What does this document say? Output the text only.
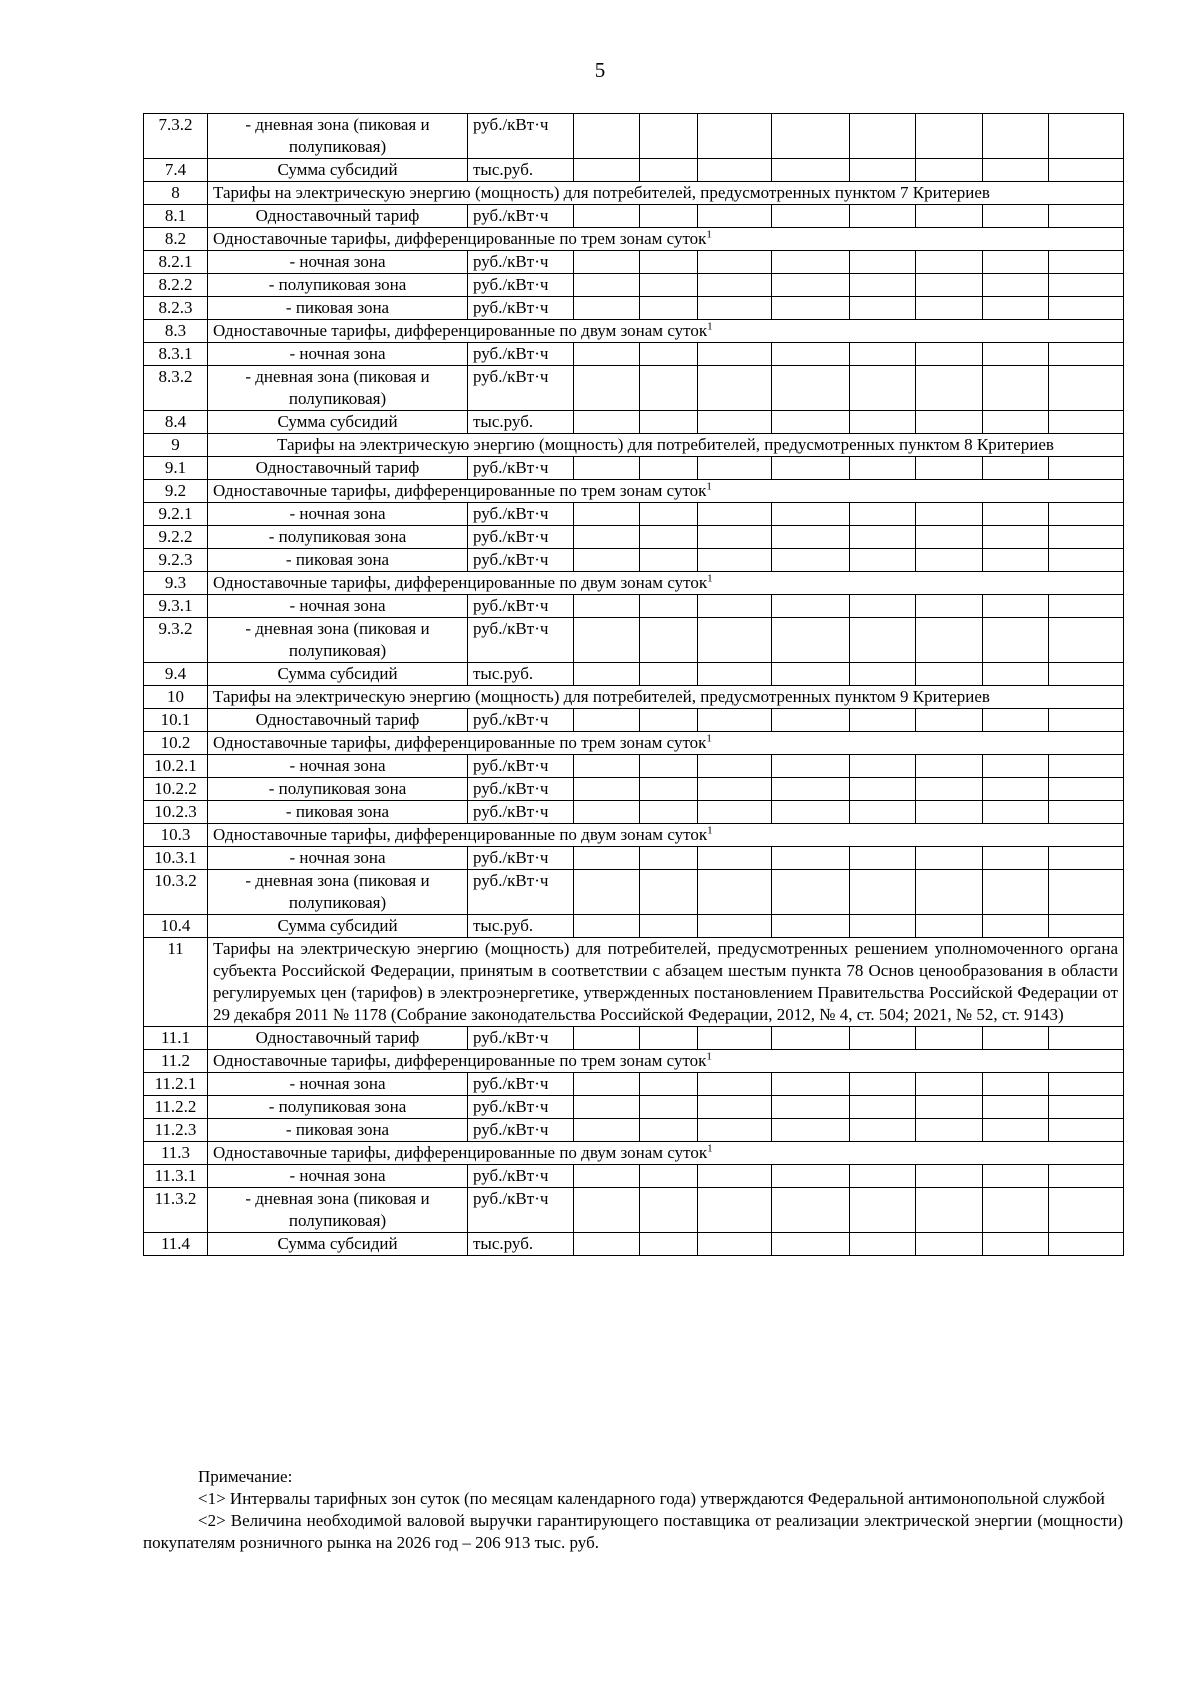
5
7.3.2	- дневная зона (пиковая и полупиковая)	руб./кВт·ч								
7.4	Сумма субсидий	тыс.руб.								
8	Тарифы на электрическую энергию (мощность) для потребителей, предусмотренных пунктом 7 Критериев									
8.1	Одноставочный тариф	руб./кВт·ч								
8.2	Одноставочные тарифы, дифференцированные по трем зонам суток$^1$
8.2.1	- ночная зона	руб./кВт·ч								
8.2.2	- полупиковая зона	руб./кВт·ч								
8.2.3	- пиковая зона	руб./кВт·ч								
8.3	Одноставочные тарифы, дифференцированные по двум зонам суток$^1$
8.3.1	- ночная зона	руб./кВт·ч								
8.3.2	- дневная зона (пиковая и полупиковая)	руб./кВт·ч								
8.4	Сумма субсидий	тыс.руб.								
9	Тарифы на электрическую энергию (мощность) для потребителей, предусмотренных пунктом 8 Критериев									
9.1	Одноставочный тариф	руб./кВт·ч								
9.2	Одноставочные тарифы, дифференцированные по трем зонам суток$^1$
9.2.1	- ночная зона	руб./кВт·ч								
9.2.2	- полупиковая зона	руб./кВт·ч								
9.2.3	- пиковая зона	руб./кВт·ч								
9.3	Одноставочные тарифы, дифференцированные по двум зонам суток$^1$
9.3.1	- ночная зона	руб./кВт·ч								
9.3.2	- дневная зона (пиковая и полупиковая)	руб./кВт·ч								
9.4	Сумма субсидий	тыс.руб.								
10	Тарифы на электрическую энергию (мощность) для потребителей, предусмотренных пунктом 9 Критериев									
10.1	Одноставочный тариф	руб./кВт·ч								
10.2	Одноставочные тарифы, дифференцированные по трем зонам суток$^1$
10.2.1	- ночная зона	руб./кВт·ч								
10.2.2	- полупиковая зона	руб./кВт·ч								
10.2.3	- пиковая зона	руб./кВт·ч								
10.3	Одноставочные тарифы, дифференцированные по двум зонам суток$^1$
10.3.1	- ночная зона	руб./кВт·ч								
10.3.2	- дневная зона (пиковая и полупиковая)	руб./кВт·ч								
10.4	Сумма субсидий	тыс.руб.								
11	Тарифы на электрическую энергию (мощность) для потребителей, предусмотренных решением уполномоченного органа субъекта Российской Федерации, принятым в соответствии с абзацем шестым пункта 78 Основ ценообразования в области регулируемых цен (тарифов) в электроэнергетике, утвержденных постановлением Правительства Российской Федерации от 29 декабря 2011 № 1178 (Собрание законодательства Российской Федерации, 2012, № 4, ст. 504; 2021, № 52, ст. 9143)									
11.1	Одноставочный тариф	руб./кВт·ч								
11.2	Одноставочные тарифы, дифференцированные по трем зонам суток$^1$
11.2.1	- ночная зона	руб./кВт·ч								
11.2.2	- полупиковая зона	руб./кВт·ч								
11.2.3	- пиковая зона	руб./кВт·ч								
11.3	Одноставочные тарифы, дифференцированные по двум зонам суток$^1$
11.3.1	- ночная зона	руб./кВт·ч								
11.3.2	- дневная зона (пиковая и полупиковая)	руб./кВт·ч								
11.4	Сумма субсидий	тыс.руб.								

Примечание:

<1> Интервалы тарифных зон суток (по месяцам календарного года) утверждаются Федеральной антимонопольной службой

<2> Величина необходимой валовой выручки гарантирующего поставщика от реализации электрической энергии (мощности) покупателям розничного рынка на 2026 год – 206 913 тыс. руб.
